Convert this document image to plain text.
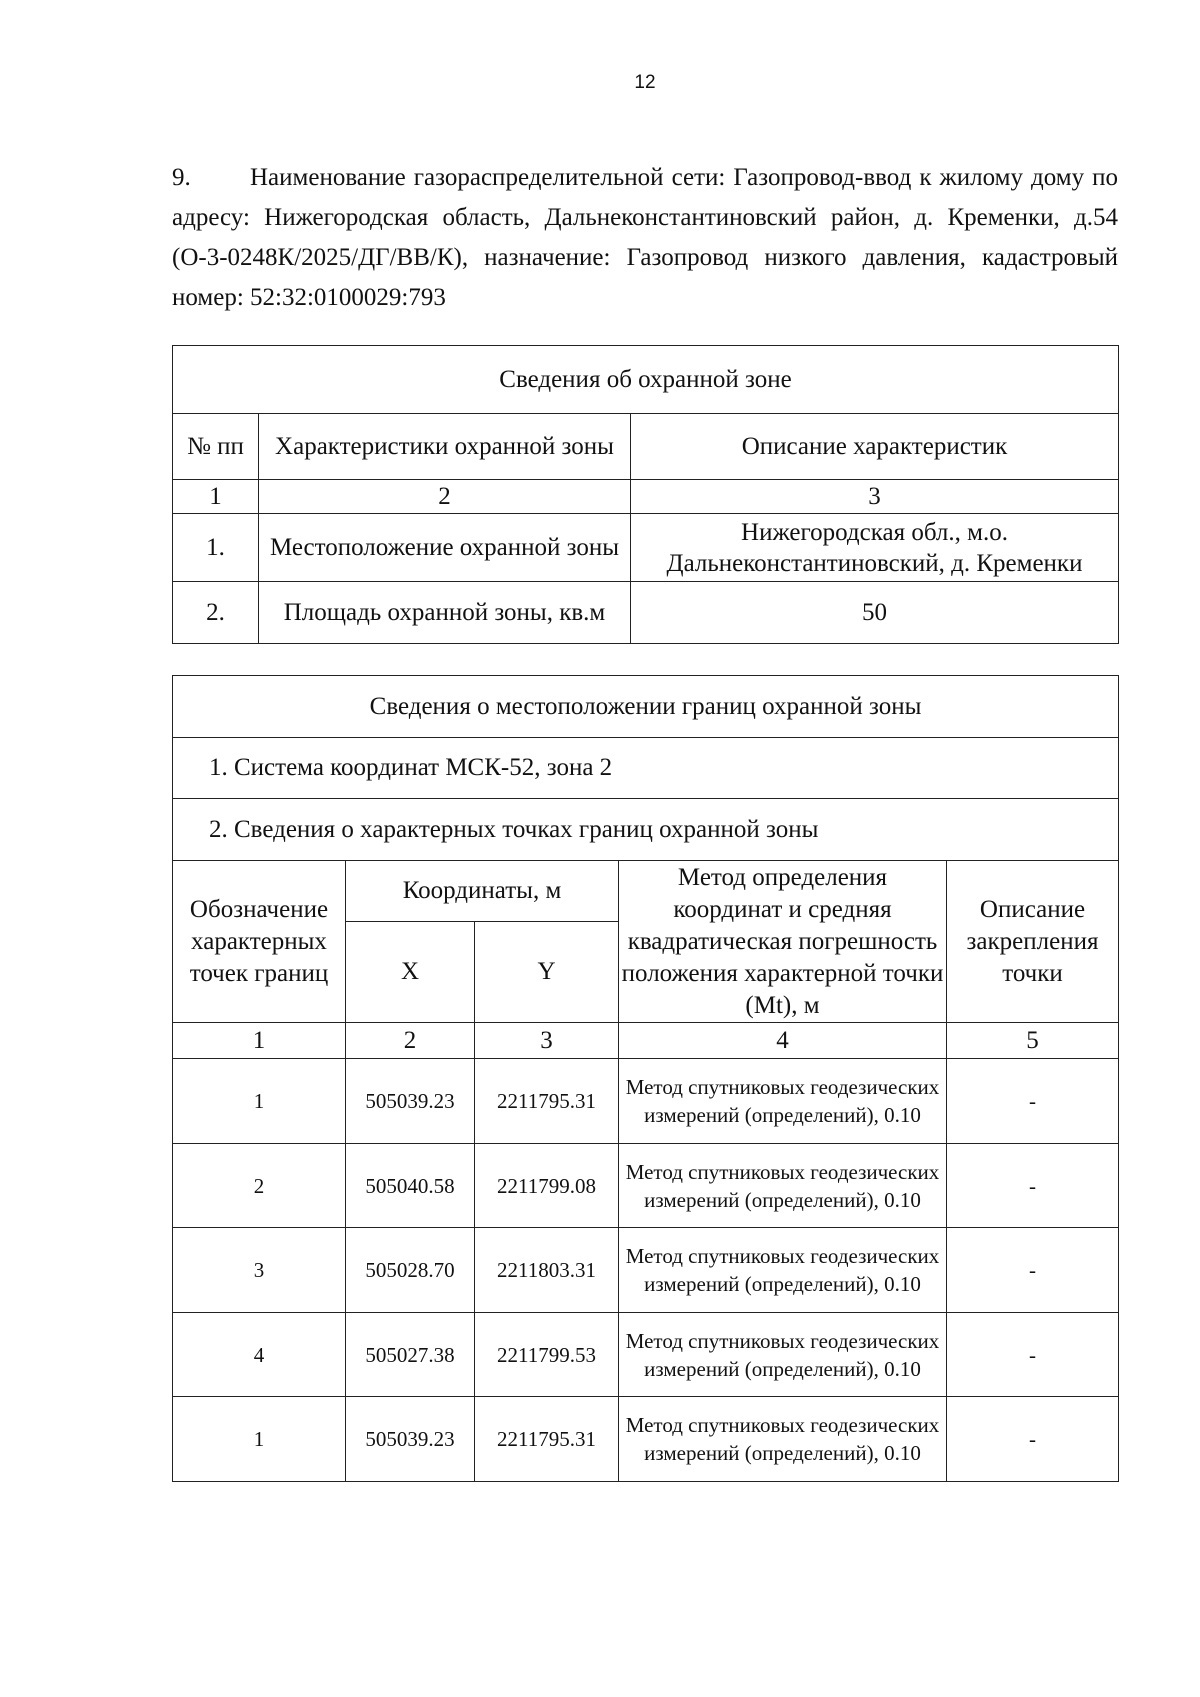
12

9. Наименование газораспределительной сети: Газопровод-ввод к жилому дому по адресу: Нижегородская область, Дальнеконстантиновский район, д. Кременки, д.54 (О-3-0248К/2025/ДГ/ВВ/К), назначение: Газопровод низкого давления, кадастровый номер: 52:32:0100029:793

Сведения об охранной зоне		
№ пп	Характеристики охранной зоны	Описание характеристик
1	2	3
1.	Местоположение охранной зоны	Нижегородская обл., м.о. Дальнеконстантиновский, д. Кременки
2.	Площадь охранной зоны, кв.м	50
Сведения о местоположении границ охранной зоны				
1. Система координат МСК-52, зона 2				
2. Сведения о характерных точках границ охранной зоны				
Обозначение характерных точек границ	Координаты, м		Метод определения координат и средняя квадратическая погрешность положения характерной точки (Mt), м	Описание закрепления точки
	X	Y		
1	2	3	4	5
1	505039.23	2211795.31	Метод спутниковых геодезических измерений (определений), 0.10	-
2	505040.58	2211799.08	Метод спутниковых геодезических измерений (определений), 0.10	-
3	505028.70	2211803.31	Метод спутниковых геодезических измерений (определений), 0.10	-
4	505027.38	2211799.53	Метод спутниковых геодезических измерений (определений), 0.10	-
1	505039.23	2211795.31	Метод спутниковых геодезических измерений (определений), 0.10	-
